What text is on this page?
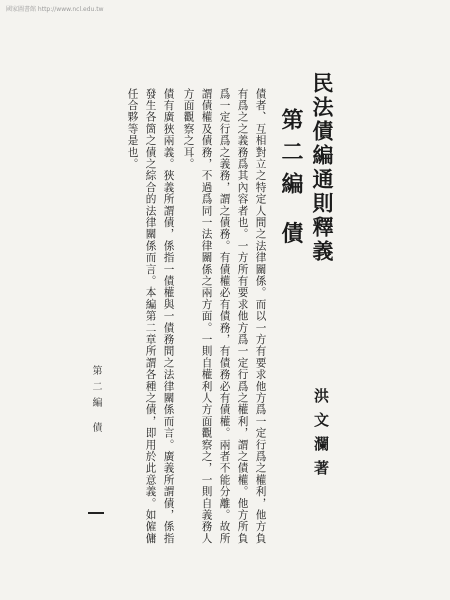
國家圖書館 http://www.ncl.edu.tw
民法債編通則釋義
洪文瀾著
第二編 債
債者、互相對立之特定人間之法律關係。而以一方有要求他方爲一定行爲之權利，他方負
有爲之之義務爲其內容者也。一方所有要求他方爲一定行爲之權利，謂之債權。他方所負
爲一定行爲之義務，謂之債務。有債權必有債務，有債務必有債權。兩者不能分離。故所
謂債權及債務，不過爲同一法律關係之兩方面。一則自權利人方面觀察之，一則自義務人
方面觀察之耳。
債有廣狹兩義。狹義所謂債，係指一債權與一債務間之法律關係而言。廣義所謂債，係指
發生各箇之債之綜合的法律關係而言。本編第二章所謂各種之債，即用於此意義。如僱傭
任合夥等是也。
第二編 債
